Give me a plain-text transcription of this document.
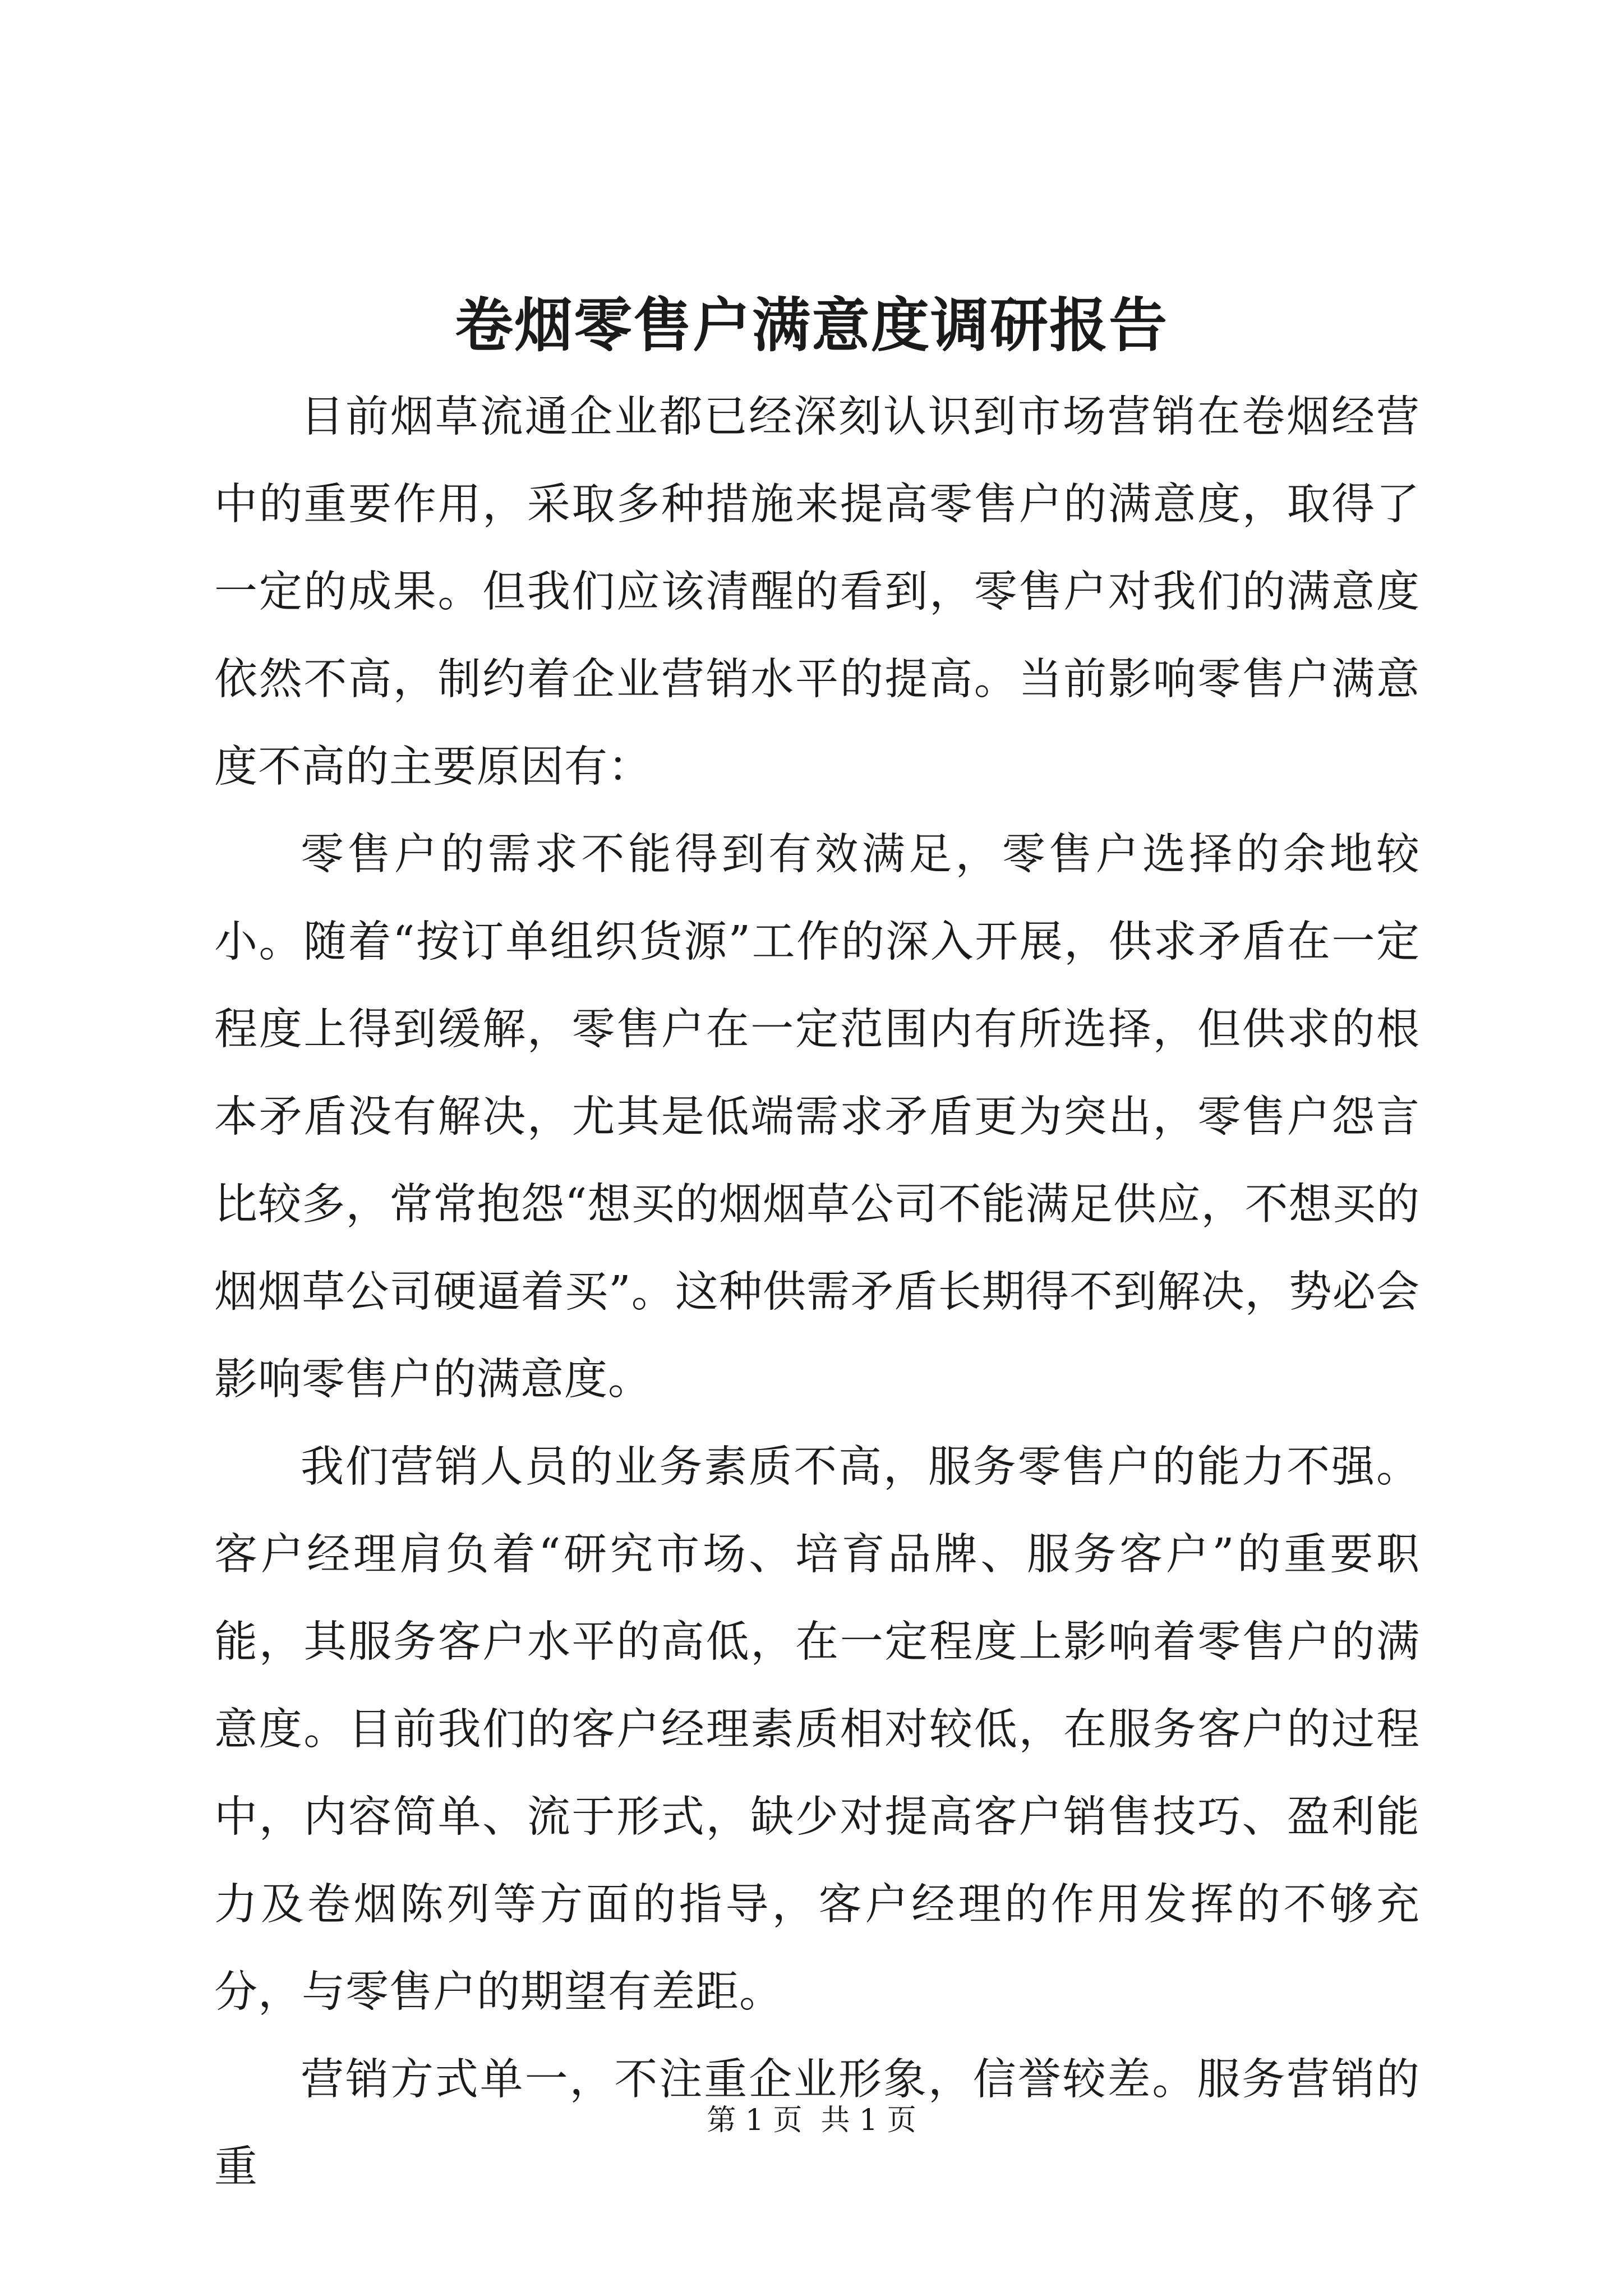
卷烟零售户满意度调研报告

目前烟草流通企业都已经深刻认识到市场营销在卷烟经营中的重要作用，采取多种措施来提高零售户的满意度，取得了一定的成果。但我们应该清醒的看到，零售户对我们的满意度依然不高，制约着企业营销水平的提高。当前影响零售户满意度不高的主要原因有：

零售户的需求不能得到有效满足，零售户选择的余地较小。随着“按订单组织货源”工作的深入开展，供求矛盾在一定程度上得到缓解，零售户在一定范围内有所选择，但供求的根本矛盾没有解决，尤其是低端需求矛盾更为突出，零售户怨言比较多，常常抱怨“想买的烟烟草公司不能满足供应，不想买的烟烟草公司硬逼着买”。这种供需矛盾长期得不到解决，势必会影响零售户的满意度。

我们营销人员的业务素质不高，服务零售户的能力不强。客户经理肩负着“研究市场、培育品牌、服务客户”的重要职能，其服务客户水平的高低，在一定程度上影响着零售户的满意度。目前我们的客户经理素质相对较低，在服务客户的过程中，内容简单、流于形式，缺少对提高客户销售技巧、盈利能力及卷烟陈列等方面的指导，客户经理的作用发挥的不够充分，与零售户的期望有差距。

营销方式单一，不注重企业形象，信誉较差。服务营销的重

第 1 页  共 1 页
